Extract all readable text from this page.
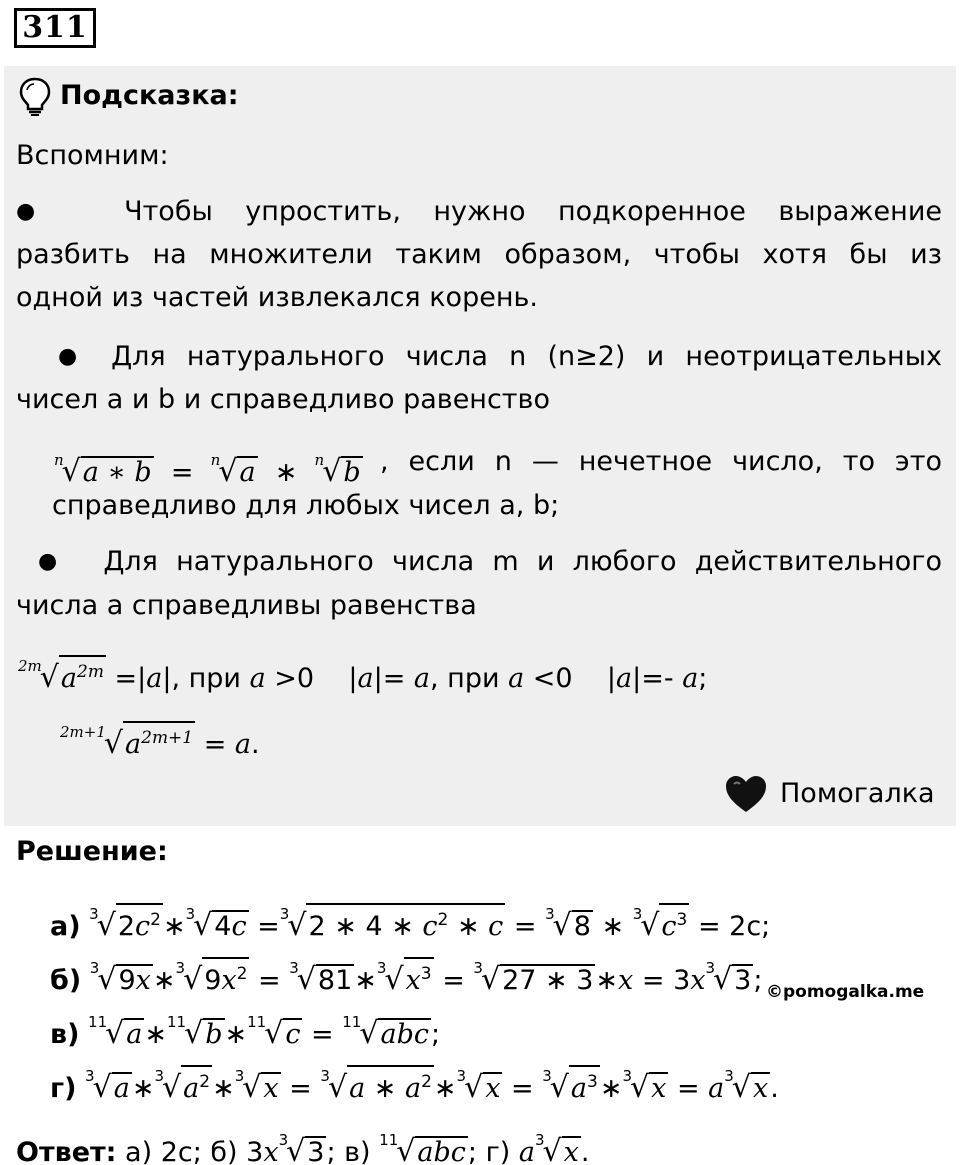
311
Подсказка:
Вспомним:
● Чтобы упростить, нужно подкоренное выражение
разбить на множители таким образом, чтобы хотя бы из
одной из частей извлекался корень.
● Для натурального числа n (n≥2) и неотрицательных
чисел a и b и справедливо равенство
$^n$√a ∗ b  =  $^n$√a  ∗  $^n$√b , если n — нечетное число, то это
справедливо для любых чисел a, b;
● Для натурального числа m и любого действительного
числа a справедливы равенства
$^{2m}√a^{2m} =|a|$, при a >0    |a|= a, при a <0    |a|=- a;
$^{2m+1}√a^{2m+1} = a$.
Помогалка
Решение:
а) $^3√2c^2∗^3√4c =^3√2$ ∗ 4 ∗ $c^2$ ∗ c = $^3$√8 ∗ $^3√c^3 = 2с$;
б) $^3√9x∗^3√9x^2$ = $^3√81∗^3√x^3 = ^3√27$ ∗ 3∗x = $3x^3√3$; ©pomogalka.me
в) $^{11}$√a∗$^{11}$√b∗$^{11}$√c = $^{11}$√abc;
г) $^3√a∗^3√a^2∗^3√x = ^3√a$ ∗ $a^2∗^3√x$ = $^3√a^3∗^3√x = a^3√x$.
Ответ: а) 2с; б) $3x^3√3$; в) $^{11}$√abc; г) $a^3√x$.
